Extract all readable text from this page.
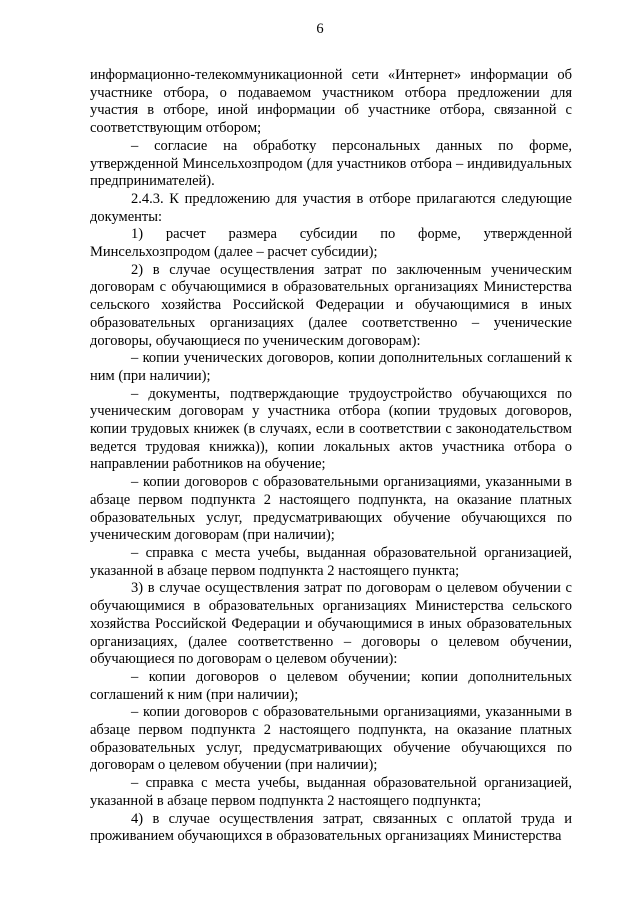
6

информационно-телекоммуникационной сети «Интернет» информации об участнике отбора, о подаваемом участником отбора предложении для участия в отборе, иной информации об участнике отбора, связанной с соответствующим отбором;

– согласие на обработку персональных данных по форме, утвержденной Минсельхозпродом (для участников отбора – индивидуальных предпринимателей).

2.4.3. К предложению для участия в отборе прилагаются следующие документы:

1) расчет размера субсидии по форме, утвержденной Минсельхозпродом (далее – расчет субсидии);

2) в случае осуществления затрат по заключенным ученическим договорам с обучающимися в образовательных организациях Министерства сельского хозяйства Российской Федерации и обучающимися в иных образовательных организациях (далее соответственно – ученические договоры, обучающиеся по ученическим договорам):

– копии ученических договоров, копии дополнительных соглашений к ним (при наличии);

– документы, подтверждающие трудоустройство обучающихся по ученическим договорам у участника отбора (копии трудовых договоров, копии трудовых книжек (в случаях, если в соответствии с законодательством ведется трудовая книжка)), копии локальных актов участника отбора о направлении работников на обучение;

– копии договоров с образовательными организациями, указанными в абзаце первом подпункта 2 настоящего подпункта, на оказание платных образовательных услуг, предусматривающих обучение обучающихся по ученическим договорам (при наличии);

– справка с места учебы, выданная образовательной организацией, указанной в абзаце первом подпункта 2 настоящего пункта;

3) в случае осуществления затрат по договорам о целевом обучении с обучающимися в образовательных организациях Министерства сельского хозяйства Российской Федерации и обучающимися в иных образовательных организациях, (далее соответственно – договоры о целевом обучении, обучающиеся по договорам о целевом обучении):

– копии договоров о целевом обучении; копии дополнительных соглашений к ним (при наличии);

– копии договоров с образовательными организациями, указанными в абзаце первом подпункта 2 настоящего подпункта, на оказание платных образовательных услуг, предусматривающих обучение обучающихся по договорам о целевом обучении (при наличии);

– справка с места учебы, выданная образовательной организацией, указанной в абзаце первом подпункта 2 настоящего подпункта;

4) в случае осуществления затрат, связанных с оплатой труда и проживанием обучающихся в образовательных организациях Министерства
